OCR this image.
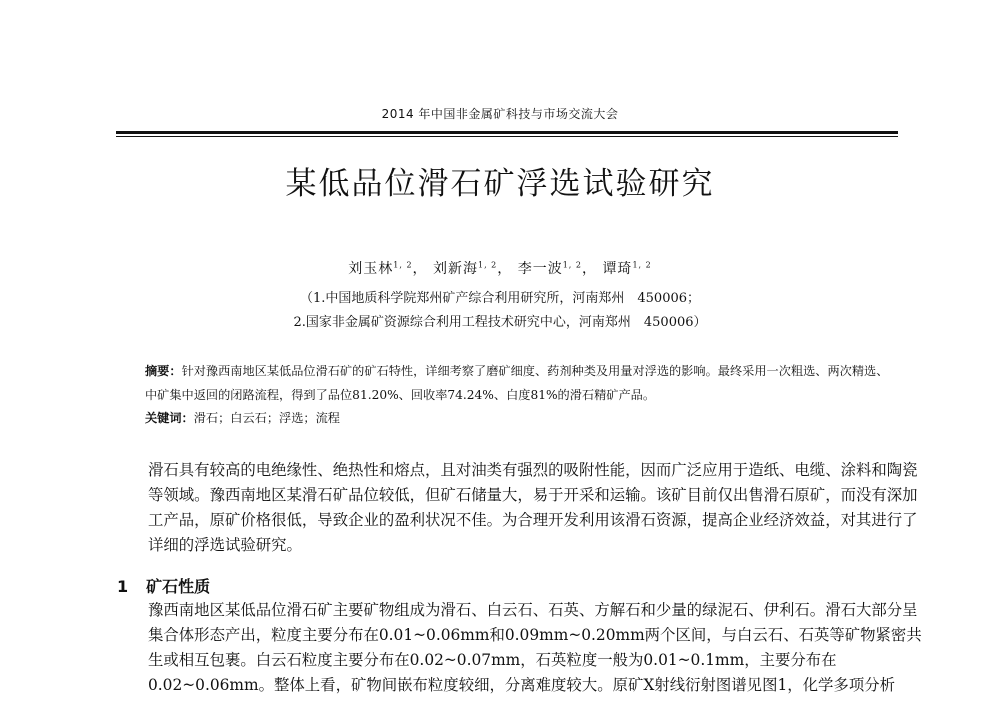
2014 年中国非金属矿科技与市场交流大会
某低品位滑石矿浮选试验研究
刘玉林$^{1, 2}$， 刘新海$^{1, 2}$， 李一波$^{1, 2}$， 谭琦$^{1, 2}$
（1.中国地质科学院郑州矿产综合利用研究所，河南郑州　450006；
2.国家非金属矿资源综合利用工程技术研究中心，河南郑州　450006）
摘要：针对豫西南地区某低品位滑石矿的矿石特性，详细考察了磨矿细度、药剂种类及用量对浮选的影响。最终采用一次粗选、两次精选、中矿集中返回的闭路流程，得到了品位81.20%、回收率74.24%、白度81%的滑石精矿产品。
关键词：滑石；白云石；浮选；流程
滑石具有较高的电绝缘性、绝热性和熔点，且对油类有强烈的吸附性能，因而广泛应用于造纸、电缆、涂料和陶瓷等领域。豫西南地区某滑石矿品位较低，但矿石储量大，易于开采和运输。该矿目前仅出售滑石原矿，而没有深加工产品，原矿价格很低，导致企业的盈利状况不佳。为合理开发利用该滑石资源，提高企业经济效益，对其进行了详细的浮选试验研究。
1 矿石性质
豫西南地区某低品位滑石矿主要矿物组成为滑石、白云石、石英、方解石和少量的绿泥石、伊利石。滑石大部分呈集合体形态产出，粒度主要分布在0.01~0.06mm和0.09mm~0.20mm两个区间，与白云石、石英等矿物紧密共生或相互包裹。白云石粒度主要分布在0.02~0.07mm，石英粒度一般为0.01~0.1mm，主要分布在0.02~0.06mm。整体上看，矿物间嵌布粒度较细，分离难度较大。原矿X射线衍射图谱见图1，化学多项分析
